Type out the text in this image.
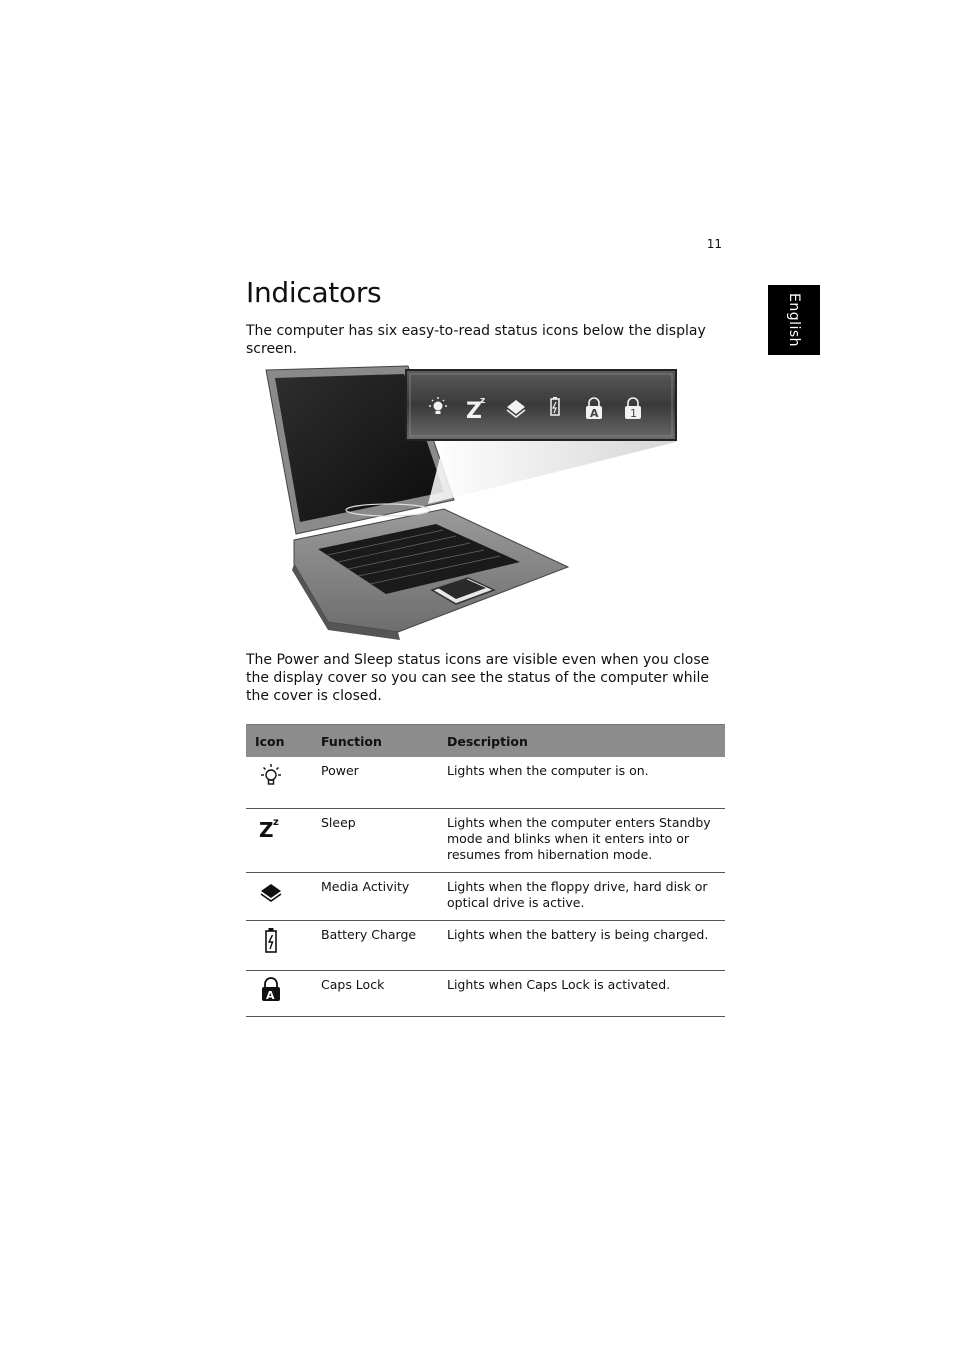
11
English
Indicators

The computer has six easy-to-read status icons below the display screen.

Z
z
A	1

The Power and Sleep status icons are visible even when you close the display cover so you can see the status of the computer while the cover is closed.

Icon	Function	Description

	Power	Lights when the computer is on.

Z z	Sleep	Lights when the computer enters Standby mode and blinks when it enters into or resumes from hibernation mode.

	Media Activity	Lights when the floppy drive, hard disk or optical drive is active.

	Battery Charge	Lights when the battery is being charged.

A	Caps Lock	Lights when Caps Lock is activated.
